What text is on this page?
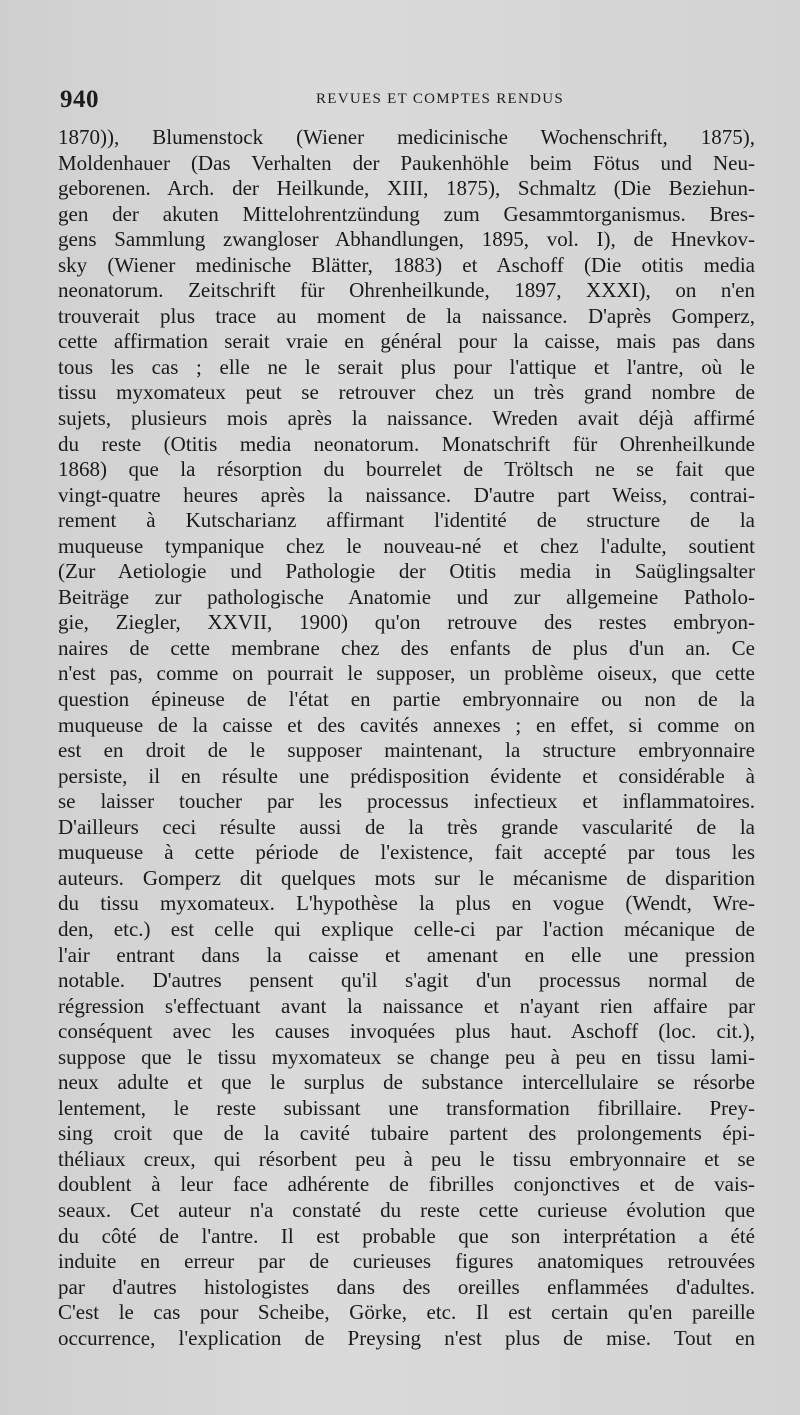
940	REVUES ET COMPTES RENDUS
1870)), Blumenstock (Wiener medicinische Wochenschrift, 1875),
Moldenhauer (Das Verhalten der Paukenhöhle beim Fötus und Neu-
geborenen. Arch. der Heilkunde, XIII, 1875), Schmaltz (Die Beziehun-
gen der akuten Mittelohrentzündung zum Gesammtorganismus. Bres-
gens Sammlung zwangloser Abhandlungen, 1895, vol. I), de Hnevkov-
sky (Wiener medinische Blätter, 1883) et Aschoff (Die otitis media
neonatorum. Zeitschrift für Ohrenheilkunde, 1897, XXXI), on n'en
trouverait plus trace au moment de la naissance. D'après Gomperz,
cette affirmation serait vraie en général pour la caisse, mais pas dans
tous les cas ; elle ne le serait plus pour l'attique et l'antre, où le
tissu myxomateux peut se retrouver chez un très grand nombre de
sujets, plusieurs mois après la naissance. Wreden avait déjà affirmé
du reste (Otitis media neonatorum. Monatschrift für Ohrenheilkunde
1868) que la résorption du bourrelet de Tröltsch ne se fait que
vingt-quatre heures après la naissance. D'autre part Weiss, contrai-
rement à Kutscharianz affirmant l'identité de structure de la
muqueuse tympanique chez le nouveau-né et chez l'adulte, soutient
(Zur Aetiologie und Pathologie der Otitis media in Saüglingsalter
Beiträge zur pathologische Anatomie und zur allgemeine Patholo-
gie, Ziegler, XXVII, 1900) qu'on retrouve des restes embryon-
naires de cette membrane chez des enfants de plus d'un an. Ce
n'est pas, comme on pourrait le supposer, un problème oiseux, que cette
question épineuse de l'état en partie embryonnaire ou non de la
muqueuse de la caisse et des cavités annexes ; en effet, si comme on
est en droit de le supposer maintenant, la structure embryonnaire
persiste, il en résulte une prédisposition évidente et considérable à
se laisser toucher par les processus infectieux et inflammatoires.
D'ailleurs ceci résulte aussi de la très grande vascularité de la
muqueuse à cette période de l'existence, fait accepté par tous les
auteurs. Gomperz dit quelques mots sur le mécanisme de disparition
du tissu myxomateux. L'hypothèse la plus en vogue (Wendt, Wre-
den, etc.) est celle qui explique celle-ci par l'action mécanique de
l'air entrant dans la caisse et amenant en elle une pression
notable. D'autres pensent qu'il s'agit d'un processus normal de
régression s'effectuant avant la naissance et n'ayant rien affaire par
conséquent avec les causes invoquées plus haut. Aschoff (loc. cit.),
suppose que le tissu myxomateux se change peu à peu en tissu lami-
neux adulte et que le surplus de substance intercellulaire se résorbe
lentement, le reste subissant une transformation fibrillaire. Prey-
sing croit que de la cavité tubaire partent des prolongements épi-
théliaux creux, qui résorbent peu à peu le tissu embryonnaire et se
doublent à leur face adhérente de fibrilles conjonctives et de vais-
seaux. Cet auteur n'a constaté du reste cette curieuse évolution que
du côté de l'antre. Il est probable que son interprétation a été
induite en erreur par de curieuses figures anatomiques retrouvées
par d'autres histologistes dans des oreilles enflammées d'adultes.
C'est le cas pour Scheibe, Görke, etc. Il est certain qu'en pareille
occurrence, l'explication de Preysing n'est plus de mise. Tout en
